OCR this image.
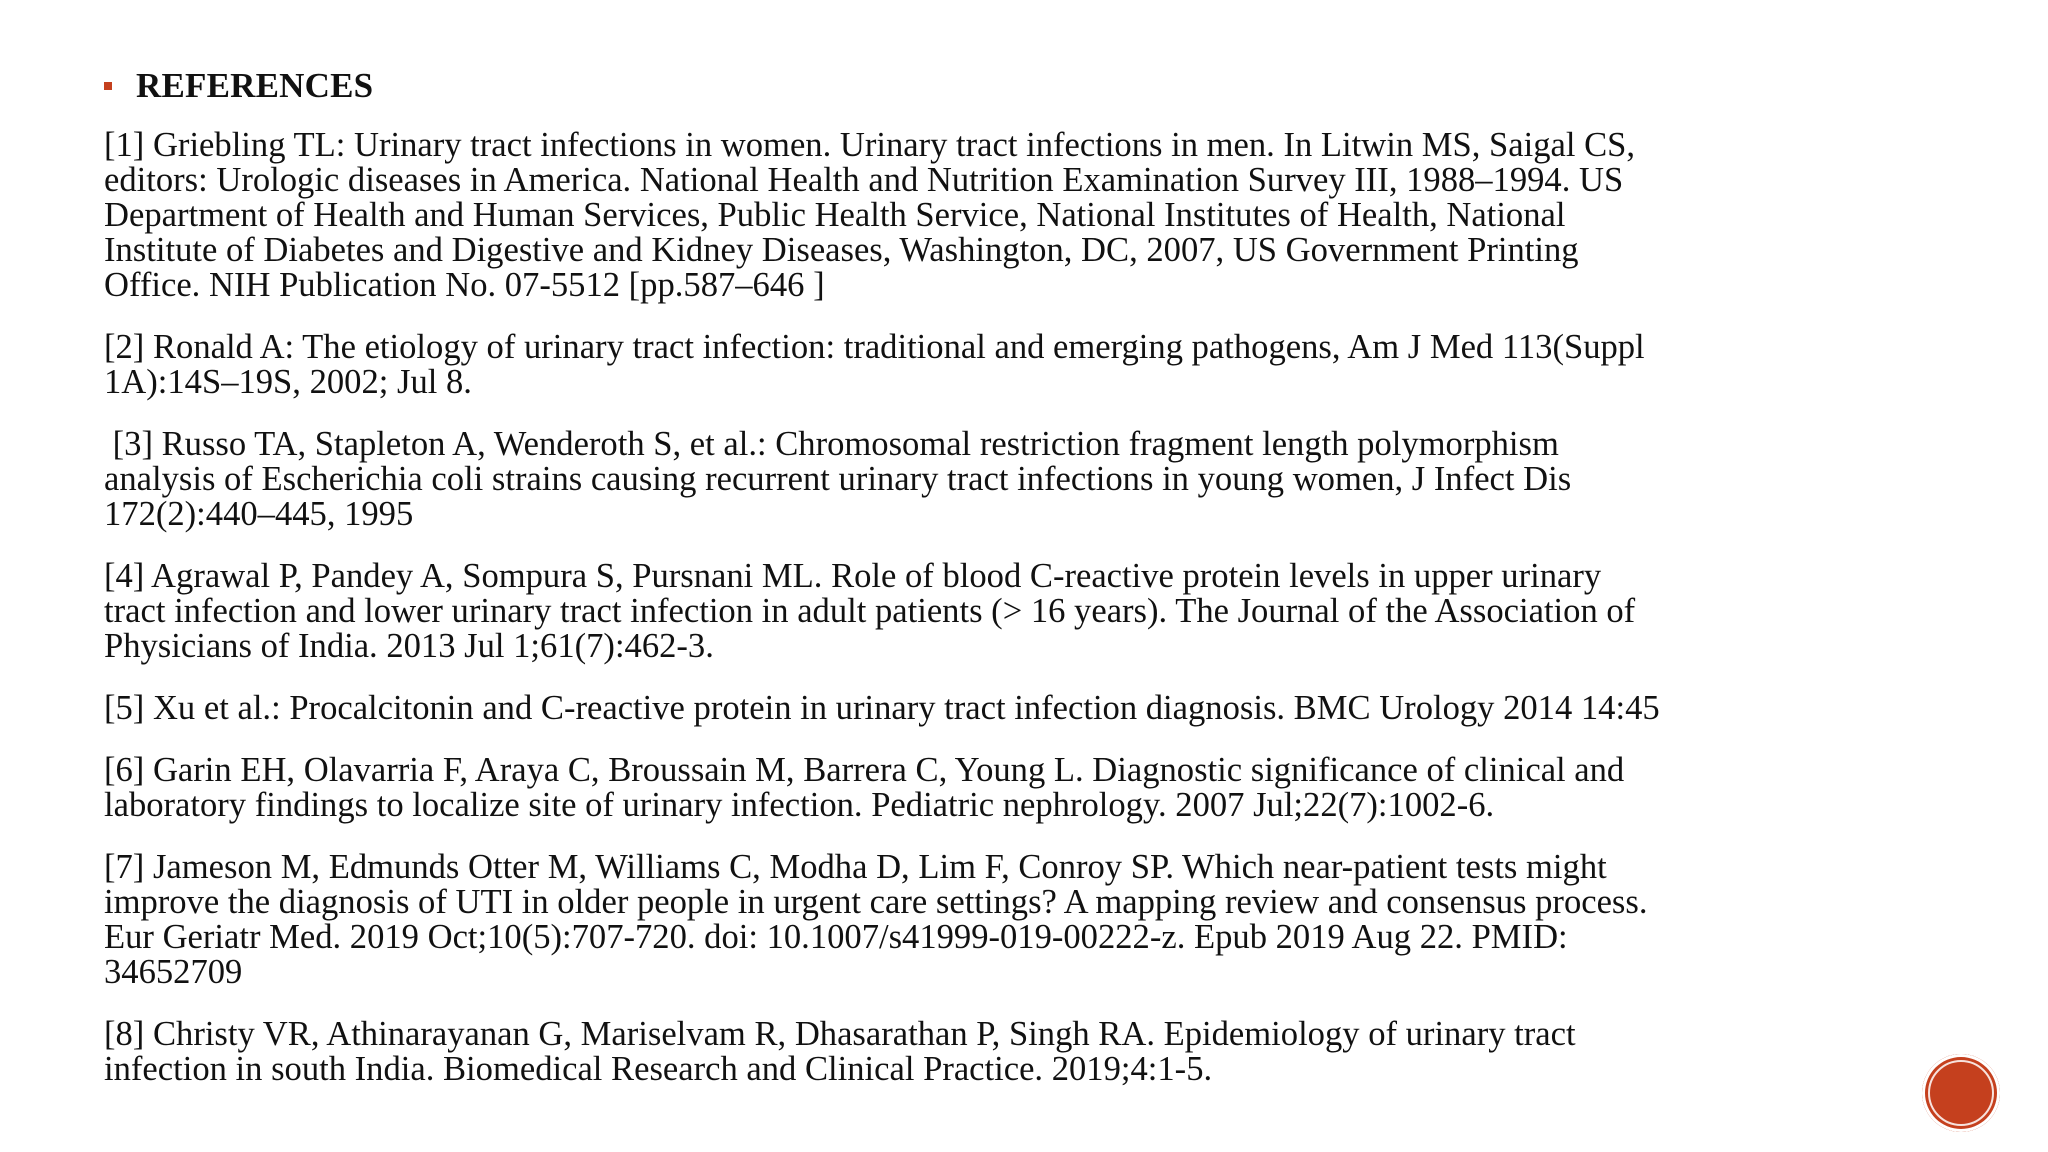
REFERENCES

[1] Griebling TL: Urinary tract infections in women. Urinary tract infections in men. In Litwin MS, Saigal CS,
editors: Urologic diseases in America. National Health and Nutrition Examination Survey III, 1988–1994. US
Department of Health and Human Services, Public Health Service, National Institutes of Health, National
Institute of Diabetes and Digestive and Kidney Diseases, Washington, DC, 2007, US Government Printing
Office. NIH Publication No. 07-5512 [pp.587–646 ]

[2] Ronald A: The etiology of urinary tract infection: traditional and emerging pathogens, Am J Med 113(Suppl
1A):14S–19S, 2002; Jul 8.

[3] Russo TA, Stapleton A, Wenderoth S, et al.: Chromosomal restriction fragment length polymorphism
analysis of Escherichia coli strains causing recurrent urinary tract infections in young women, J Infect Dis
172(2):440–445, 1995

[4] Agrawal P, Pandey A, Sompura S, Pursnani ML. Role of blood C-reactive protein levels in upper urinary
tract infection and lower urinary tract infection in adult patients (> 16 years). The Journal of the Association of
Physicians of India. 2013 Jul 1;61(7):462-3.

[5] Xu et al.: Procalcitonin and C-reactive protein in urinary tract infection diagnosis. BMC Urology 2014 14:45

[6] Garin EH, Olavarria F, Araya C, Broussain M, Barrera C, Young L. Diagnostic significance of clinical and
laboratory findings to localize site of urinary infection. Pediatric nephrology. 2007 Jul;22(7):1002-6.

[7] Jameson M, Edmunds Otter M, Williams C, Modha D, Lim F, Conroy SP. Which near-patient tests might
improve the diagnosis of UTI in older people in urgent care settings? A mapping review and consensus process.
Eur Geriatr Med. 2019 Oct;10(5):707-720. doi: 10.1007/s41999-019-00222-z. Epub 2019 Aug 22. PMID:
34652709

[8] Christy VR, Athinarayanan G, Mariselvam R, Dhasarathan P, Singh RA. Epidemiology of urinary tract
infection in south India. Biomedical Research and Clinical Practice. 2019;4:1-5.
